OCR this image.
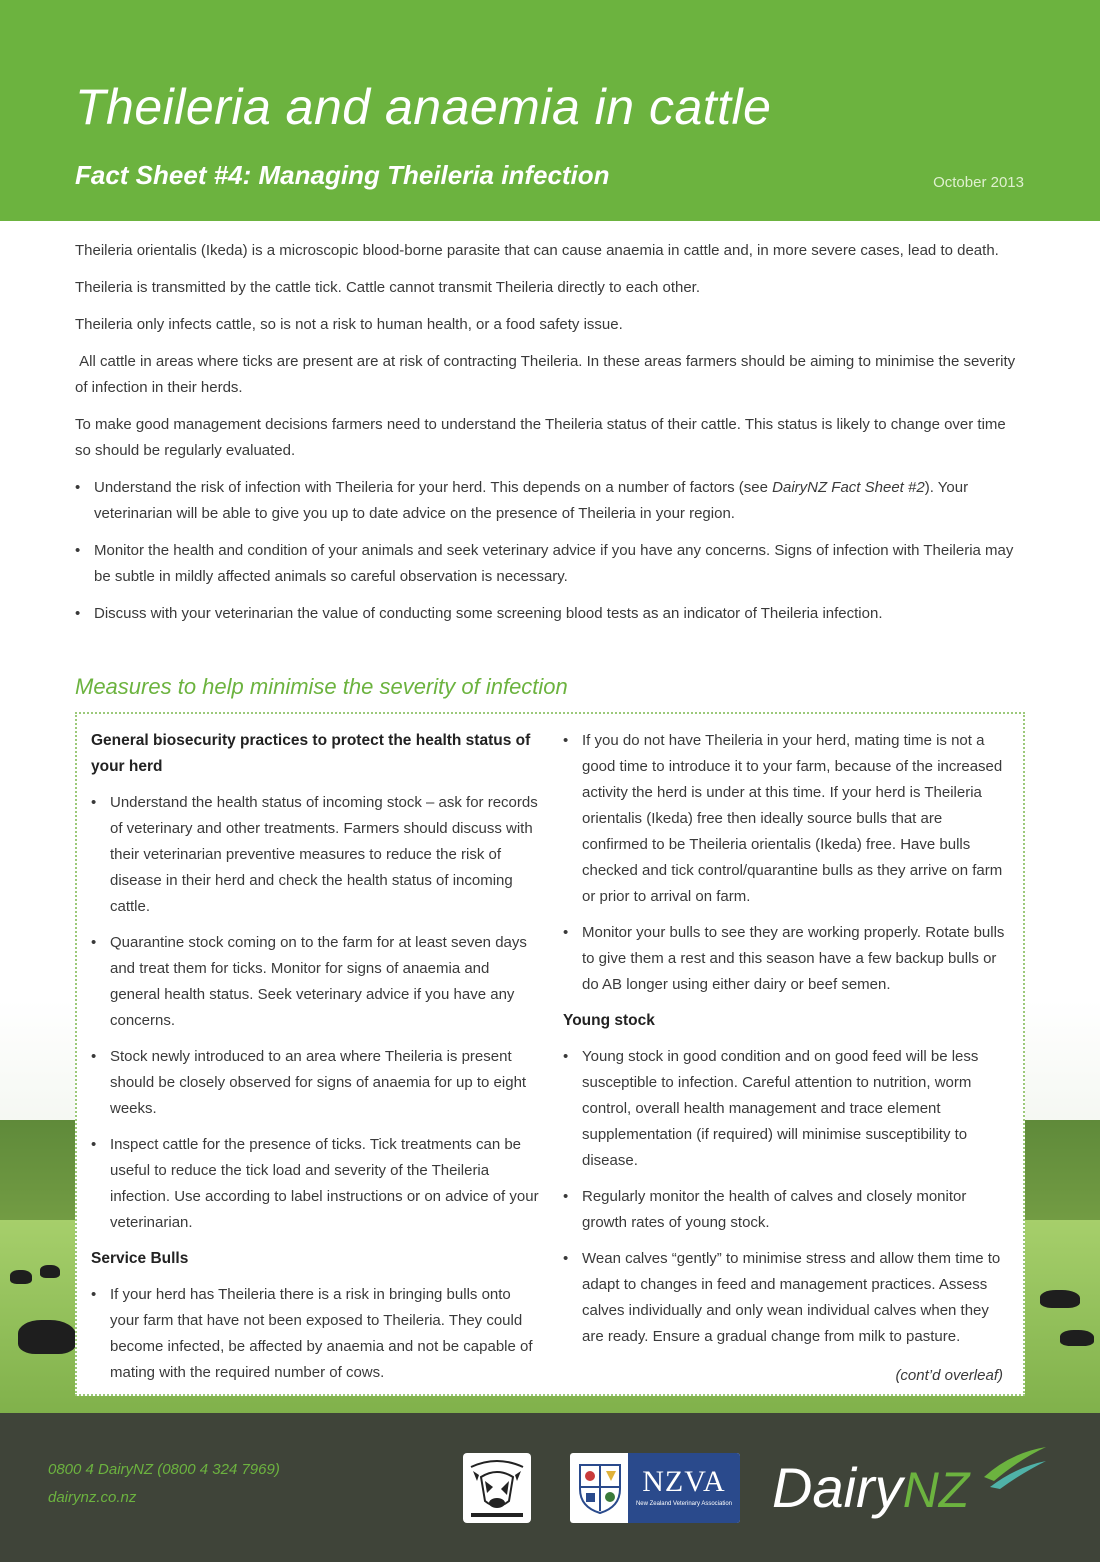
Theileria and anaemia in cattle
Fact Sheet #4: Managing Theileria infection	October 2013

Theileria orientalis (Ikeda) is a microscopic blood-borne parasite that can cause anaemia in cattle and, in more severe cases, lead to death.

Theileria is transmitted by the cattle tick. Cattle cannot transmit Theileria directly to each other.

Theileria only infects cattle, so is not a risk to human health, or a food safety issue.

All cattle in areas where ticks are present are at risk of contracting Theileria. In these areas farmers should be aiming to minimise the severity of infection in their herds.

To make good management decisions farmers need to understand the Theileria status of their cattle. This status is likely to change over time so should be regularly evaluated.

• Understand the risk of infection with Theileria for your herd. This depends on a number of factors (see DairyNZ Fact Sheet #2). Your veterinarian will be able to give you up to date advice on the presence of Theileria in your region.
• Monitor the health and condition of your animals and seek veterinary advice if you have any concerns. Signs of infection with Theileria may be subtle in mildly affected animals so careful observation is necessary.
• Discuss with your veterinarian the value of conducting some screening blood tests as an indicator of Theileria infection.
Measures to help minimise the severity of infection
General biosecurity practices to protect the health status of your herd
• Understand the health status of incoming stock – ask for records of veterinary and other treatments. Farmers should discuss with their veterinarian preventive measures to reduce the risk of disease in their herd and check the health status of incoming cattle.
• Quarantine stock coming on to the farm for at least seven days and treat them for ticks. Monitor for signs of anaemia and general health status. Seek veterinary advice if you have any concerns.
• Stock newly introduced to an area where Theileria is present should be closely observed for signs of anaemia for up to eight weeks.
• Inspect cattle for the presence of ticks. Tick treatments can be useful to reduce the tick load and severity of the Theileria infection. Use according to label instructions or on advice of your veterinarian.
Service Bulls
• If your herd has Theileria there is a risk in bringing bulls onto your farm that have not been exposed to Theileria. They could become infected, be affected by anaemia and not be capable of mating with the required number of cows.
• If you do not have Theileria in your herd, mating time is not a good time to introduce it to your farm, because of the increased activity the herd is under at this time. If your herd is Theileria orientalis (Ikeda) free then ideally source bulls that are confirmed to be Theileria orientalis (Ikeda) free. Have bulls checked and tick control/quarantine bulls as they arrive on farm or prior to arrival on farm.
• Monitor your bulls to see they are working properly. Rotate bulls to give them a rest and this season have a few backup bulls or do AB longer using either dairy or beef semen.
Young stock
• Young stock in good condition and on good feed will be less susceptible to infection. Careful attention to nutrition, worm control, overall health management and trace element supplementation (if required) will minimise susceptibility to disease.
• Regularly monitor the health of calves and closely monitor growth rates of young stock.
• Wean calves “gently” to minimise stress and allow them time to adapt to changes in feed and management practices. Assess calves individually and only wean individual calves when they are ready. Ensure a gradual change from milk to pasture.
(cont’d overleaf)
0800 4 DairyNZ (0800 4 324 7969)
dairynz.co.nz	NZVA
New Zealand Veterinary Association DairyNZ
